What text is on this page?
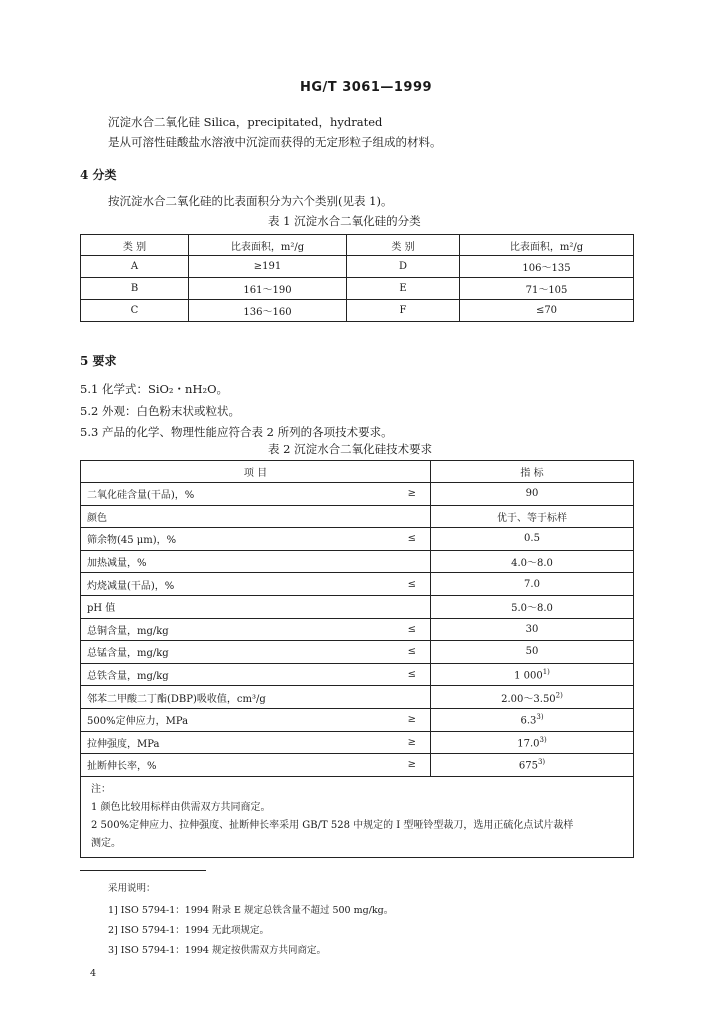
HG/T 3061—1999
沉淀水合二氧化硅 Silica，precipitated，hydrated
是从可溶性硅酸盐水溶液中沉淀而获得的无定形粒子组成的材料。
4 分类
按沉淀水合二氧化硅的比表面积分为六个类别(见表 1)。
表 1 沉淀水合二氧化硅的分类
类 别	比表面积，m²/g	类 别	比表面积，m²/g
A	≥191	D	106～135
B	161～190	E	71～105
C	136～160	F	≤70
5 要求
5.1 化学式：SiO₂・nH₂O。
5.2 外观：白色粉末状或粒状。
5.3 产品的化学、物理性能应符合表 2 所列的各项技术要求。
表 2 沉淀水合二氧化硅技术要求
项 目		指 标
二氧化硅含量(干品)，%	≥	90
颜色		优于、等于标样
筛余物(45 μm)，%	≤	0.5
加热减量，%		4.0～8.0
灼烧减量(干品)，%	≤	7.0
pH 值		5.0～8.0
总铜含量，mg/kg	≤	30
总锰含量，mg/kg	≤	50
总铁含量，mg/kg	≤	1 000$^{1)}$
邻苯二甲酸二丁酯(DBP)吸收值，cm³/g		2.00～3.50$^{2)}$
500%定伸应力，MPa	≥	$6.3^{3)}$
拉伸强度，MPa	≥	$17.0^{3)}$
扯断伸长率，%	≥	$675^{3)}$

注：
1 颜色比较用标样由供需双方共同商定。
2 500%定伸应力、拉伸强度、扯断伸长率采用 GB/T 528 中规定的 Ⅰ 型哑铃型裁刀，选用正硫化点试片裁样
测定。		
采用说明：
1] ISO 5794-1：1994 附录 E 规定总铁含量不超过 500 mg/kg。
2] ISO 5794-1：1994 无此项规定。
3] ISO 5794-1：1994 规定按供需双方共同商定。
4
